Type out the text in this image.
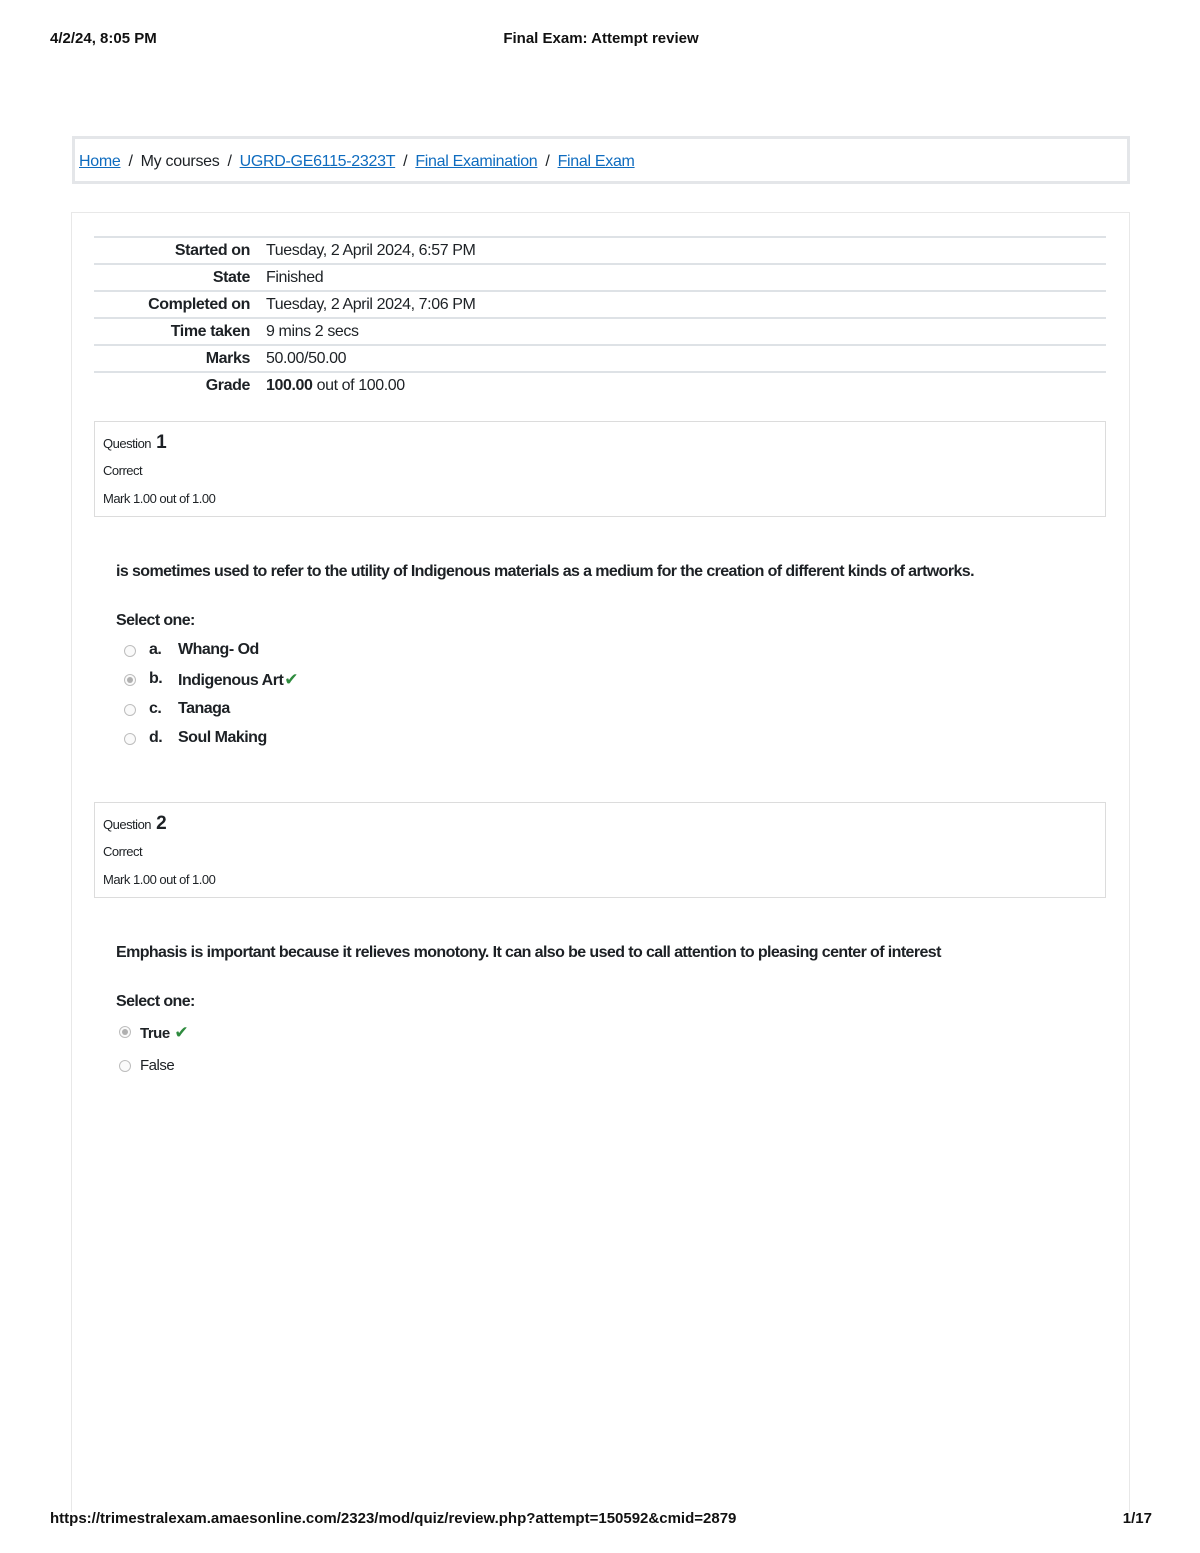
4/2/24, 8:05 PM	Final Exam: Attempt review
Home / My courses / UGRD-GE6115-2323T / Final Examination / Final Exam
Started on	Tuesday, 2 April 2024, 6:57 PM
State	Finished
Completed on	Tuesday, 2 April 2024, 7:06 PM
Time taken	9 mins 2 secs
Marks	50.00/50.00
Grade	100.00 out of 100.00
Question 1
Correct
Mark 1.00 out of 1.00
is sometimes used to refer to the utility of Indigenous materials as a medium for the creation of different kinds of artworks.
Select one:
a. Whang- Od
b. Indigenous Art✔
c. Tanaga
d. Soul Making
Question 2
Correct
Mark 1.00 out of 1.00
Emphasis is important because it relieves monotony. It can also be used to call attention to pleasing center of interest
Select one:
True ✔
False
https://trimestralexam.amaesonline.com/2323/mod/quiz/review.php?attempt=150592&cmid=2879	1/17
